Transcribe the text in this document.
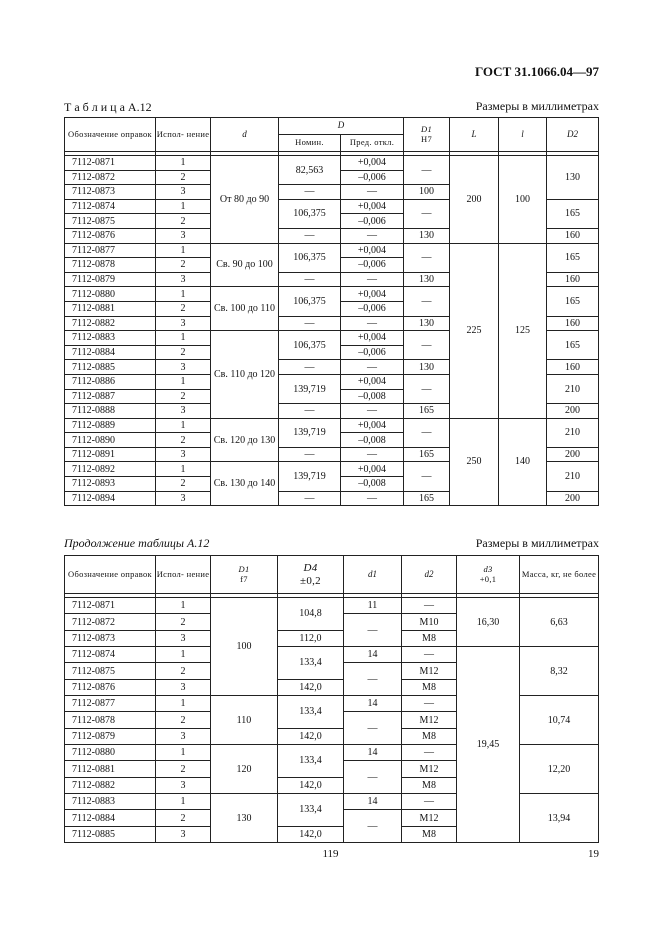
ГОСТ 31.1066.04—97
Т а б л и ц а А.12	Размеры в миллиметрах
Обозначение оправок	Испол- нение	d	D		D1
H7	L	l	D2
			Номин.	Пред. откл.				

7112-0871	1	От 80 до 90	82,563	+0,004	—	200	100	130
7112-0872	2			–0,006				
7112-0873	3		—	—	100			
7112-0874	1		106,375	+0,004	—			165
7112-0875	2			–0,006				
7112-0876	3		—	—	130			160
7112-0877	1	Св. 90 до 100	106,375	+0,004	—	225	125	165
7112-0878	2			–0,006				
7112-0879	3		—	—	130			160
7112-0880	1	Св. 100 до 110	106,375	+0,004	—			165
7112-0881	2			–0,006				
7112-0882	3		—	—	130			160
7112-0883	1	Св. 110 до 120	106,375	+0,004	—			165
7112-0884	2			–0,006				
7112-0885	3		—	—	130			160
7112-0886	1		139,719	+0,004	—			210
7112-0887	2			–0,008				
7112-0888	3		—	—	165			200
7112-0889	1	Св. 120 до 130	139,719	+0,004	—	250	140	210
7112-0890	2			–0,008				
7112-0891	3		—	—	165			200
7112-0892	1	Св. 130 до 140	139,719	+0,004	—			210
7112-0893	2			–0,008				
7112-0894	3		—	—	165			200
Продолжение таблицы А.12	Размеры в миллиметрах
Обозначение оправок	Испол- нение	D1
f7	D4
±0,2	d1	d2	d3
+0,1	Масса, кг, не более

7112-0871	1	100	104,8	11	—	16,30	6,63
7112-0872	2			—	M10		
7112-0873	3		112,0		M8		
7112-0874	1		133,4	14	—	19,45	8,32
7112-0875	2			—	M12		
7112-0876	3		142,0		M8		
7112-0877	1	110	133,4	14	—		10,74
7112-0878	2			—	M12		
7112-0879	3		142,0		M8		
7112-0880	1	120	133,4	14	—		12,20
7112-0881	2			—	M12		
7112-0882	3		142,0		M8		
7112-0883	1	130	133,4	14	—		13,94
7112-0884	2			—	M12		
7112-0885	3		142,0		M8		
119	19
